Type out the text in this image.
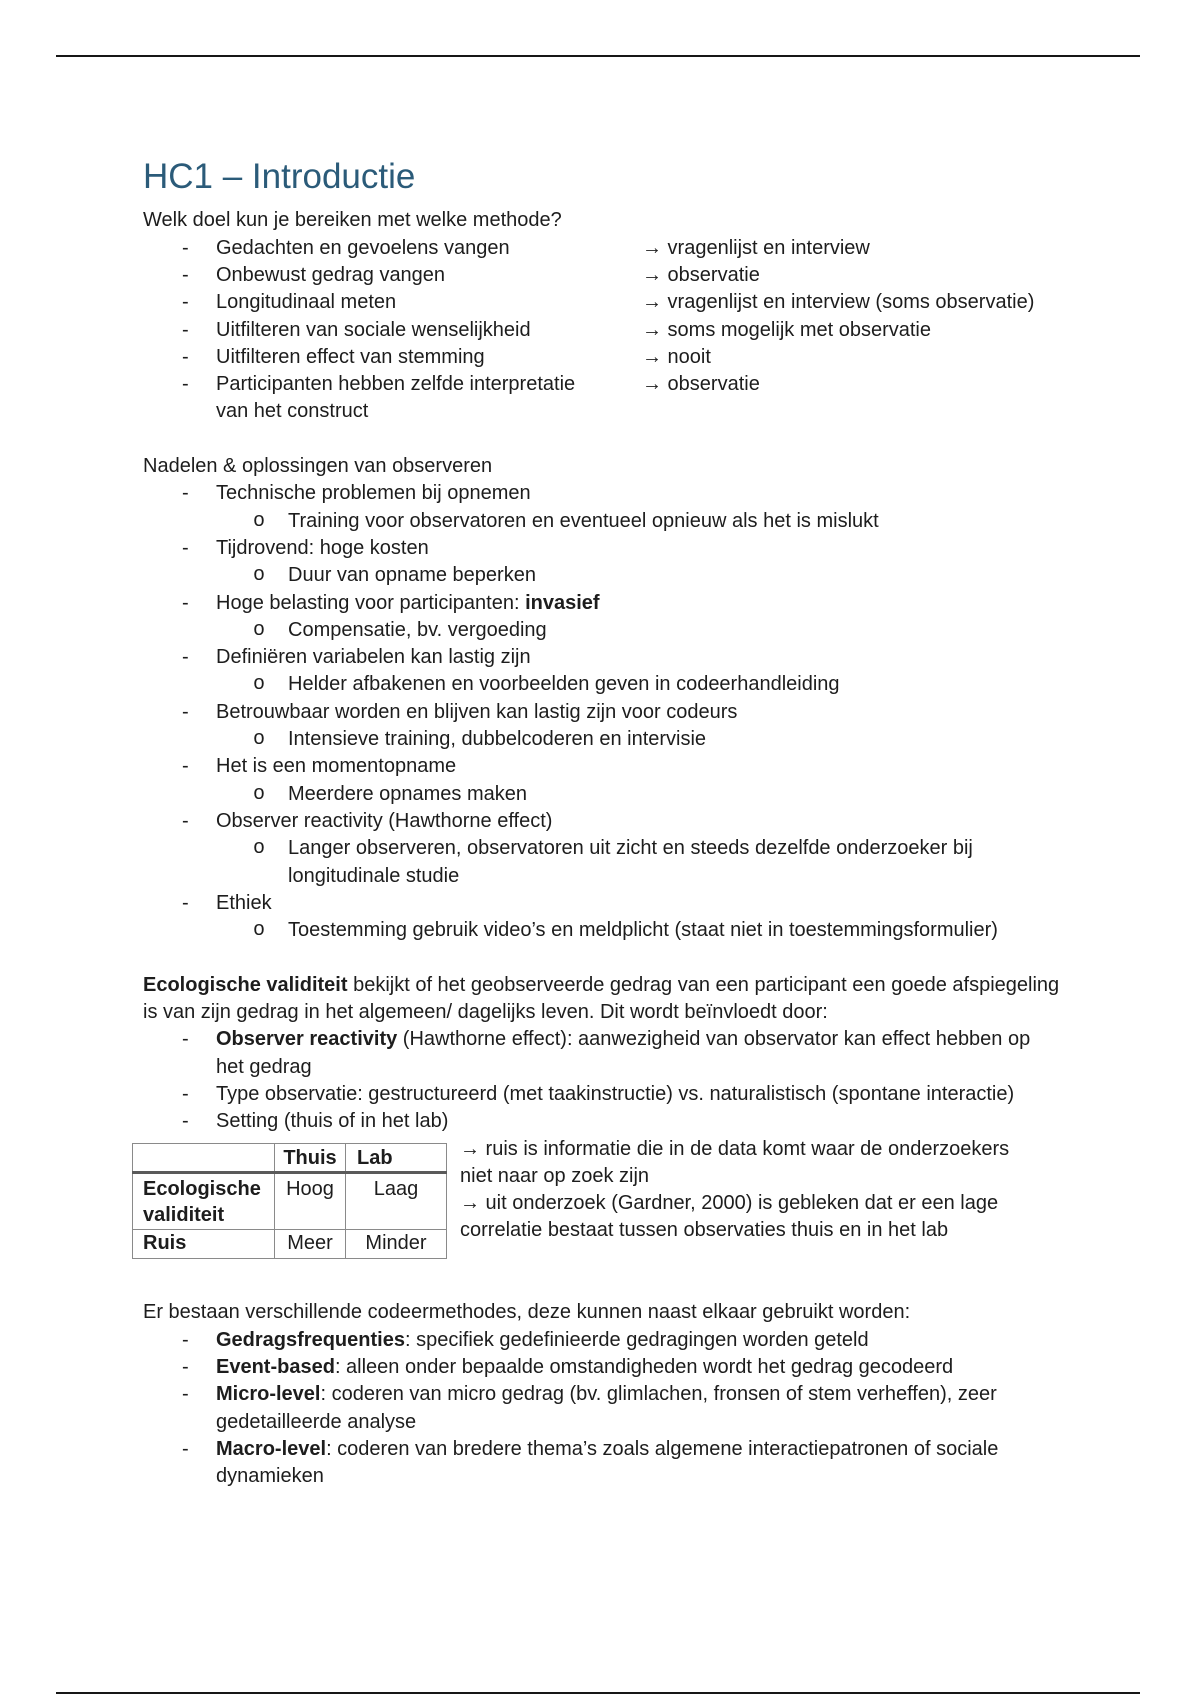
HC1 – Introductie
Welk doel kun je bereiken met welke methode?
- Gedachten en gevoelens vangen	→ vragenlijst en interview
- Onbewust gedrag vangen	→ observatie
- Longitudinaal meten	→ vragenlijst en interview (soms observatie)
- Uitfilteren van sociale wenselijkheid	→ soms mogelijk met observatie
- Uitfilteren effect van stemming	→ nooit
- Participanten hebben zelfde interpretatie	→ observatie
van het construct
Nadelen & oplossingen van observeren
- Technische problemen bij opnemen
o Training voor observatoren en eventueel opnieuw als het is mislukt
- Tijdrovend: hoge kosten
o Duur van opname beperken
- Hoge belasting voor participanten: invasief
o Compensatie, bv. vergoeding
- Definiëren variabelen kan lastig zijn
o Helder afbakenen en voorbeelden geven in codeerhandleiding
- Betrouwbaar worden en blijven kan lastig zijn voor codeurs
o Intensieve training, dubbelcoderen en intervisie
- Het is een momentopname
o Meerdere opnames maken
- Observer reactivity (Hawthorne effect)
o Langer observeren, observatoren uit zicht en steeds dezelfde onderzoeker bij
longitudinale studie
- Ethiek
o Toestemming gebruik video’s en meldplicht (staat niet in toestemmingsformulier)
Ecologische validiteit bekijkt of het geobserveerde gedrag van een participant een goede afspiegeling
is van zijn gedrag in het algemeen/ dagelijks leven. Dit wordt beïnvloedt door:
- Observer reactivity (Hawthorne effect): aanwezigheid van observator kan effect hebben op
het gedrag
- Type observatie: gestructureerd (met taakinstructie) vs. naturalistisch (spontane interactie)
- Setting (thuis of in het lab)
	Thuis	Lab

Ecologische
validiteit	Hoog	Laag

Ruis	Meer	Minder
→ ruis is informatie die in de data komt waar de onderzoekers
niet naar op zoek zijn
→ uit onderzoek (Gardner, 2000) is gebleken dat er een lage
correlatie bestaat tussen observaties thuis en in het lab
Er bestaan verschillende codeermethodes, deze kunnen naast elkaar gebruikt worden:
- Gedragsfrequenties: specifiek gedefinieerde gedragingen worden geteld
- Event-based: alleen onder bepaalde omstandigheden wordt het gedrag gecodeerd
- Micro-level: coderen van micro gedrag (bv. glimlachen, fronsen of stem verheffen), zeer
gedetailleerde analyse
- Macro-level: coderen van bredere thema’s zoals algemene interactiepatronen of sociale
dynamieken
